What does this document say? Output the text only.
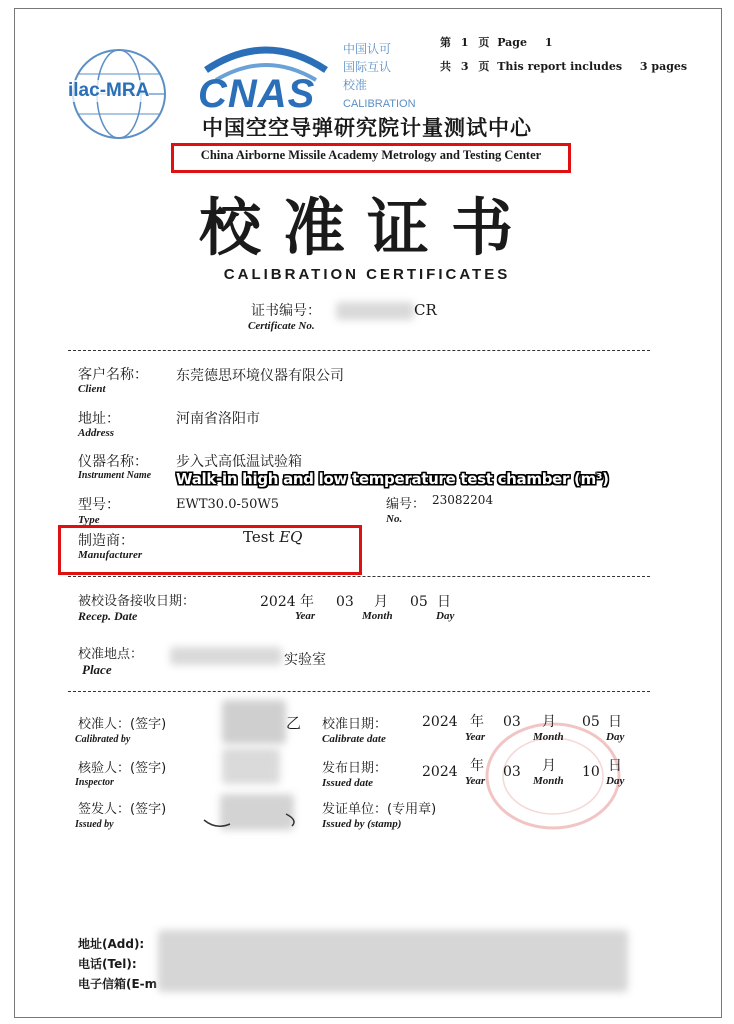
ilac-MRA CNAS
中国认可
国际互认
校准
CALIBRATION
第 1 页 Page 1
共 3 页 This report includes 3 pages
中国空空导弹研究院计量测试中心
China Airborne Missile Academy Metrology and Testing Center
校准证书
CALIBRATION CERTIFICATES
证书编号：
Certificate No.
CR
客户名称：
Client
东莞德思环境仪器有限公司
地址：
Address
河南省洛阳市
仪器名称：
Instrument Name
步入式高低温试验箱
Walk-in high and low temperature test chamber (m³)
型号：
Type
EWT30.0-50W5	编号：
No.
23082204
制造商：
Manufacturer
Test EQ
被校设备接收日期：
Recep. Date
2024 年
Year
03 月
Month
05 日
Day
校准地点：
Place
实验室
校准人：(签字)
Calibrated by
乙
核验人：(签字)
Inspector
签发人：(签字)
Issued by
校准日期：
Calibrate date
2024 年
Year
03 月
Month
05 日
Day
发布日期：
Issued date
2024 年
Year
03 月
Month
10 日
Day
发证单位：(专用章)
Issued by (stamp)
地址(Add):
电话(Tel):
电子信箱(E-m
